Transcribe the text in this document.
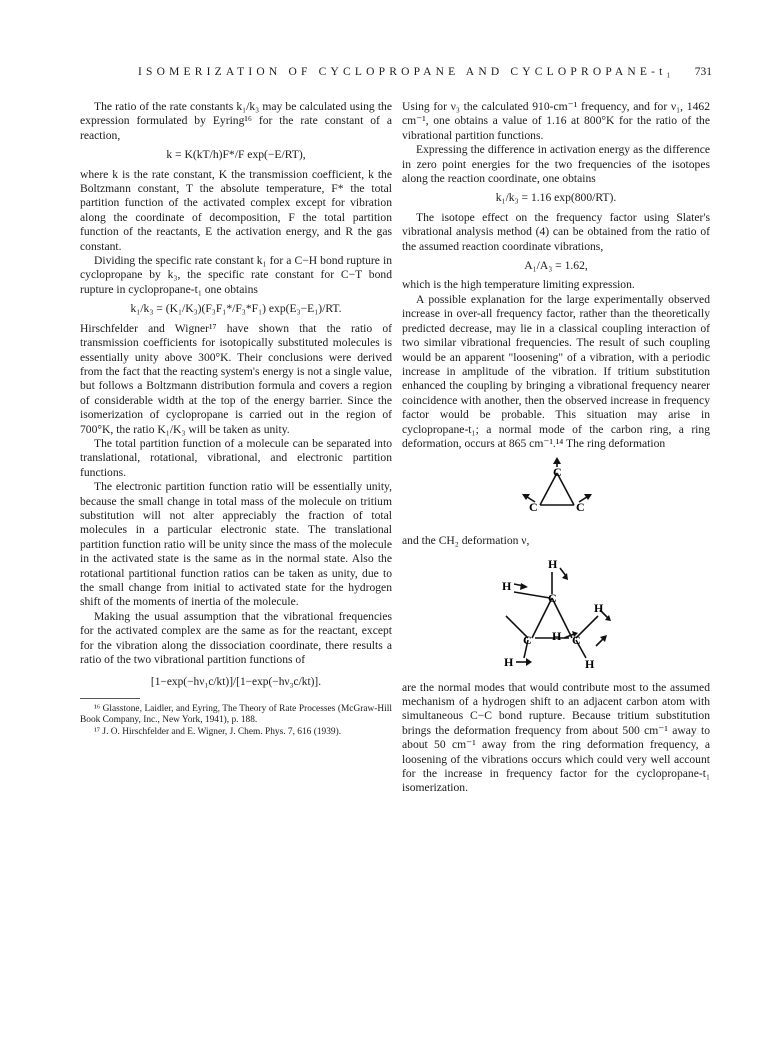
ISOMERIZATION OF CYCLOPROPANE AND CYCLOPROPANE-t₁ 731

The ratio of the rate constants k₁/k₃ may be calculated using the expression formulated by Eyring¹⁶ for the rate constant of a reaction,

k = K(kT/h)F*/F exp(−E/RT),

where k is the rate constant, K the transmission coefficient, k the Boltzmann constant, T the absolute temperature, F* the total partition function of the activated complex except for vibration along the coordinate of decomposition, F the total partition function of the reactants, E the activation energy, and R the gas constant.

Dividing the specific rate constant k₁ for a C−H bond rupture in cyclopropane by k₃, the specific rate constant for C−T bond rupture in cyclopropane-t₁ one obtains

k₁/k₃ = (K₁/K₃)(F₃F₁*/F₃*F₁) exp(E₃−E₁)/RT.

Hirschfelder and Wigner¹⁷ have shown that the ratio of transmission coefficients for isotopically substituted molecules is essentially unity above 300°K. Their conclusions were derived from the fact that the reacting system's energy is not a single value, but follows a Boltzmann distribution formula and covers a region of considerable width at the top of the energy barrier. Since the isomerization of cyclopropane is carried out in the region of 700°K, the ratio K₁/K₃ will be taken as unity.

The total partition function of a molecule can be separated into translational, rotational, vibrational, and electronic partition functions.

The electronic partition function ratio will be essentially unity, because the small change in total mass of the molecule on tritium substitution will not alter appreciably the fraction of total molecules in a particular electronic state. The translational partition function ratio will be unity since the mass of the molecule in the activated state is the same as in the normal state. Also the rotational partitional function ratios can be taken as unity, due to the small change from initial to activated state for the hydrogen shift of the moments of inertia of the molecule.

Making the usual assumption that the vibrational frequencies for the activated complex are the same as for the reactant, except for the vibration along the dissociation coordinate, there results a ratio of the two vibrational partition functions of

[1−exp(−hν₁c/kt)]/[1−exp(−hν₃c/kt)].

¹⁶ Glasstone, Laidler, and Eyring, The Theory of Rate Processes (McGraw-Hill Book Company, Inc., New York, 1941), p. 188.

¹⁷ J. O. Hirschfelder and E. Wigner, J. Chem. Phys. 7, 616 (1939).

Using for ν₃ the calculated 910-cm⁻¹ frequency, and for ν₁, 1462 cm⁻¹, one obtains a value of 1.16 at 800°K for the ratio of the vibrational partition functions.

Expressing the difference in activation energy as the difference in zero point energies for the two frequencies of the isotopes along the reaction coordinate, one obtains

k₁/k₃ = 1.16 exp(800/RT).

The isotope effect on the frequency factor using Slater's vibrational analysis method (4) can be obtained from the ratio of the assumed reaction coordinate vibrations,

A₁/A₃ = 1.62,

which is the high temperature limiting expression.

A possible explanation for the large experimentally observed increase in over-all frequency factor, rather than the theoretically predicted decrease, may lie in a classical coupling interaction of two similar vibrational frequencies. The result of such coupling would be an apparent "loosening" of a vibration, with a periodic increase in amplitude of the vibration. If tritium substitution enhanced the coupling by bringing a vibrational frequency nearer coincidence with another, then the observed increase in frequency factor would be probable. This situation may arise in cyclopropane-t₁; a normal mode of the carbon ring, a ring deformation, occurs at 865 cm⁻¹.¹⁴ The ring deformation

C
C	C

and the CH₂ deformation ν,

C
C	C
H
H
H
H
H	H

are the normal modes that would contribute most to the assumed mechanism of a hydrogen shift to an adjacent carbon atom with simultaneous C−C bond rupture. Because tritium substitution brings the deformation frequency from about 500 cm⁻¹ away to about 50 cm⁻¹ away from the ring deformation frequency, a loosening of the vibrations occurs which could very well account for the increase in frequency factor for the cyclopropane-t₁ isomerization.
